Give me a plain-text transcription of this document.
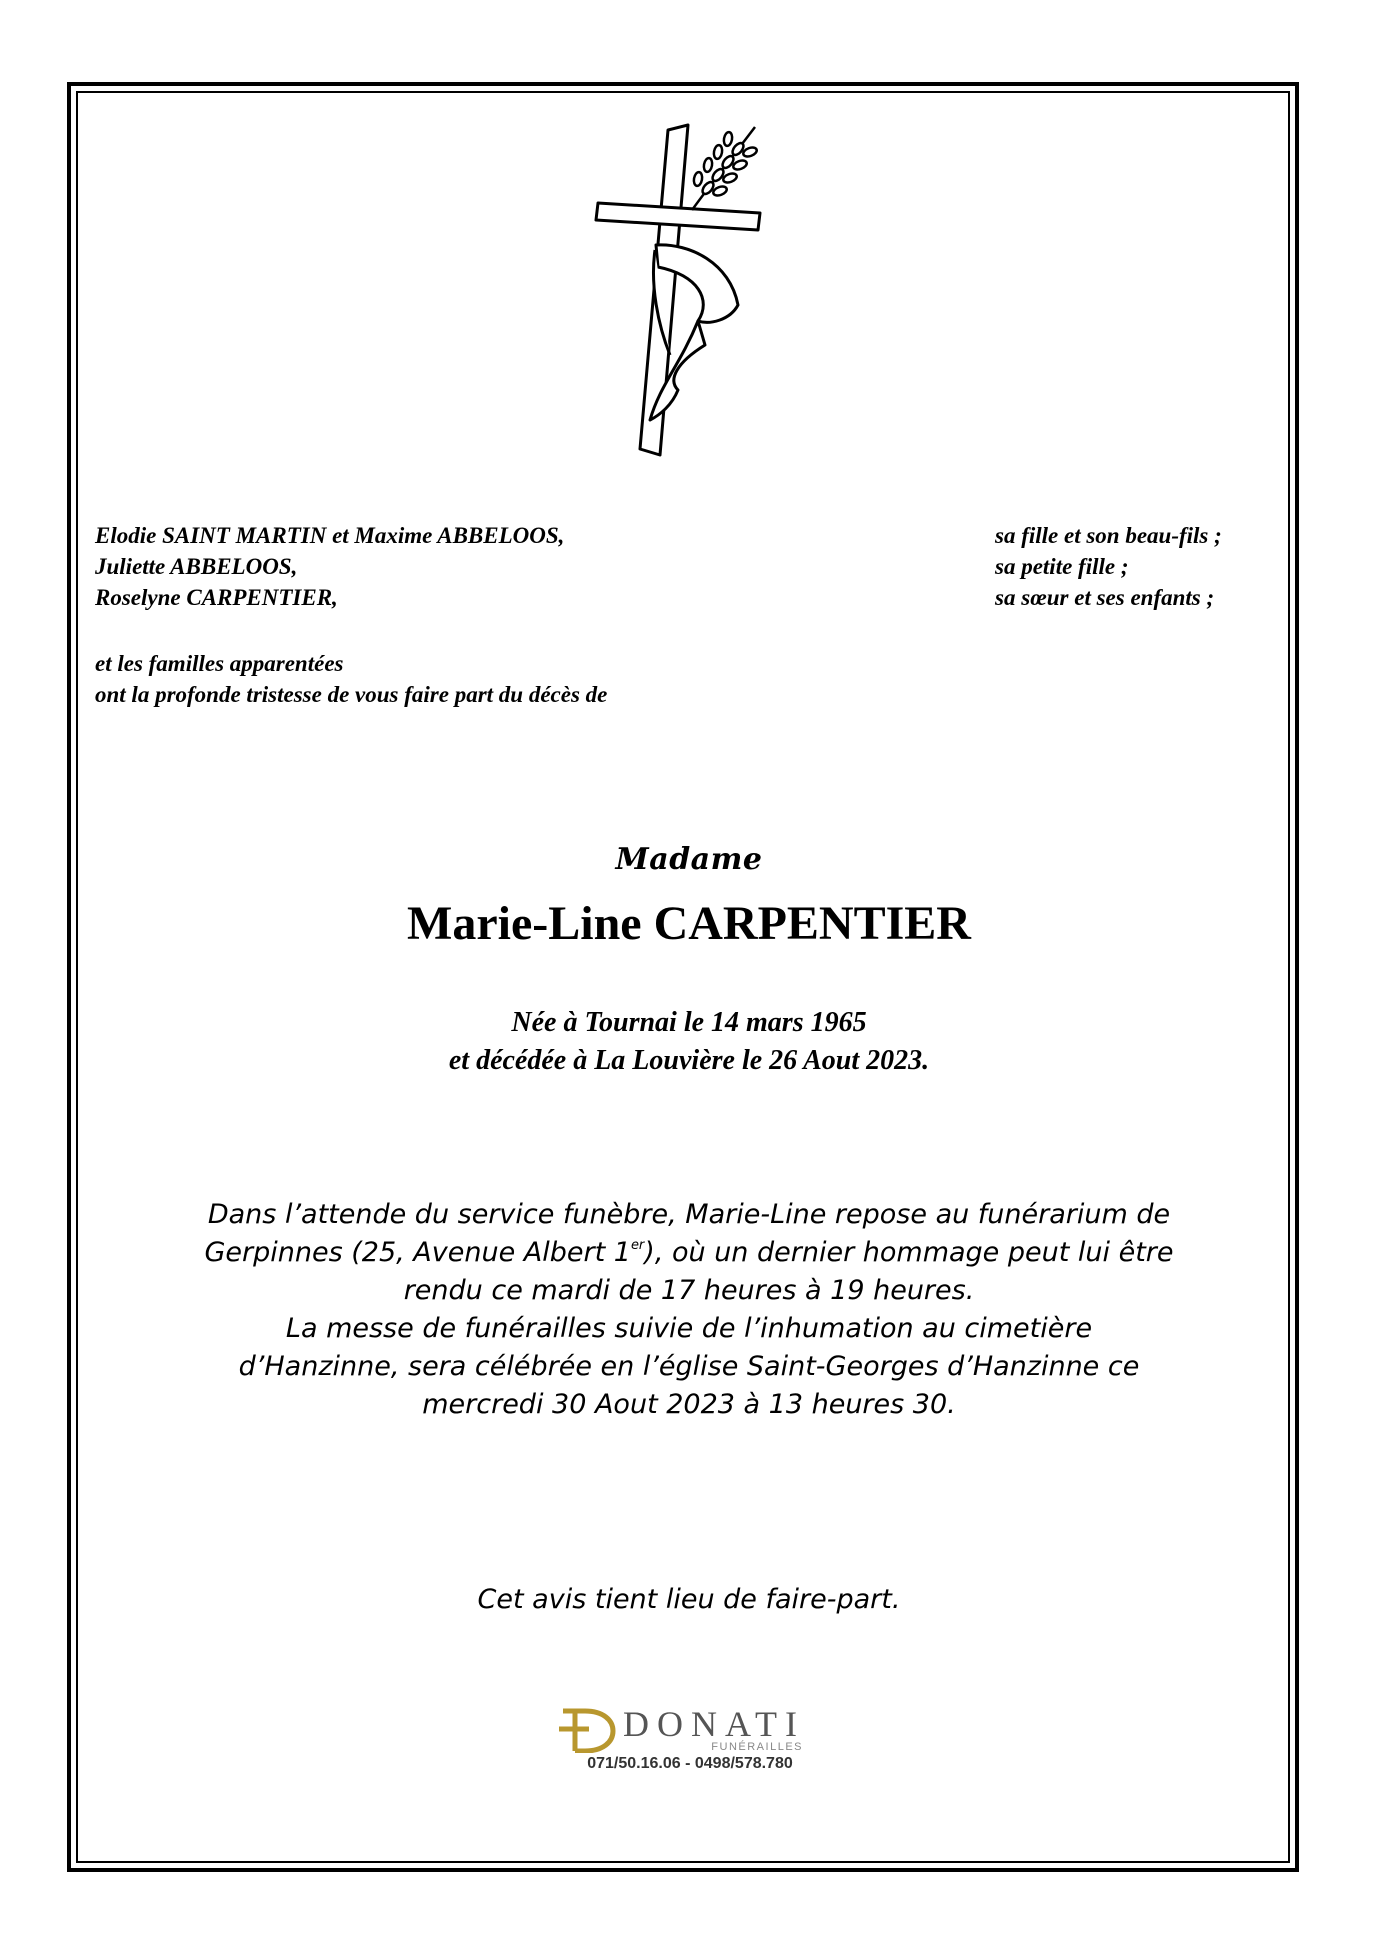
Elodie SAINT MARTIN et Maxime ABBELOOS,	sa fille et son beau-fils ;
Juliette ABBELOOS,	sa petite fille ;
Roselyne CARPENTIER,	sa sœur et ses enfants ;
et les familles apparentées
ont la profonde tristesse de vous faire part du décès de
Madame
Marie-Line CARPENTIER
Née à Tournai le 14 mars 1965
et décédée à La Louvière le 26 Aout 2023.
Dans l’attende du service funèbre, Marie-Line repose au funérarium de
Gerpinnes (25, Avenue Albert 1er), où un dernier hommage peut lui être
rendu ce mardi de 17 heures à 19 heures.
La messe de funérailles suivie de l’inhumation au cimetière
d’Hanzinne, sera célébrée en l’église Saint-Georges d’Hanzinne ce
mercredi 30 Aout 2023 à 13 heures 30.
Cet avis tient lieu de faire-part.
DONATI
FUNÉRAILLES
071/50.16.06 - 0498/578.780
